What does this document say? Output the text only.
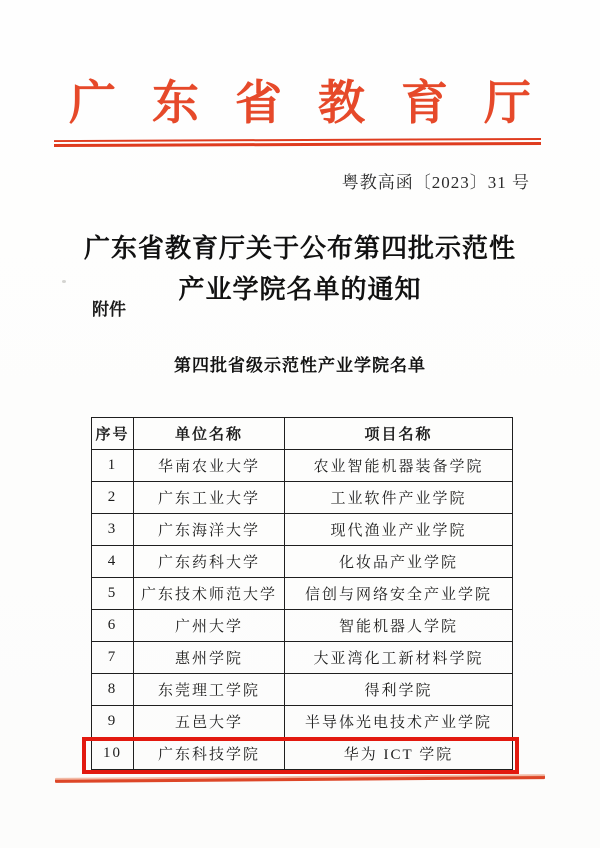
广东省教育厅
粤教高函〔2023〕31 号
广东省教育厅关于公布第四批示范性
产业学院名单的通知
附件
第四批省级示范性产业学院名单
序号	单位名称	项目名称
1	华南农业大学	农业智能机器装备学院
2	广东工业大学	工业软件产业学院
3	广东海洋大学	现代渔业产业学院
4	广东药科大学	化妆品产业学院
5	广东技术师范大学	信创与网络安全产业学院
6	广州大学	智能机器人学院
7	惠州学院	大亚湾化工新材料学院
8	东莞理工学院	得利学院
9	五邑大学	半导体光电技术产业学院
10	广东科技学院	华为 ICT 学院
